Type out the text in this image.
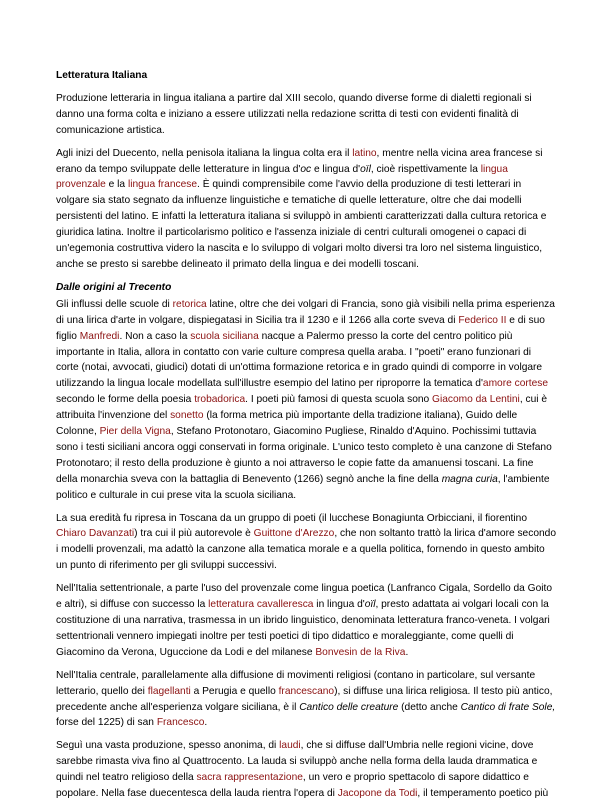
Letteratura Italiana

Produzione letteraria in lingua italiana a partire dal XIII secolo, quando diverse forme di dialetti regionali si danno una forma colta e iniziano a essere utilizzati nella redazione scritta di testi con evidenti finalità di comunicazione artistica.

Agli inizi del Duecento, nella penisola italiana la lingua colta era il latino, mentre nella vicina area francese si erano da tempo sviluppate delle letterature in lingua d'oc e lingua d'oïl, cioè rispettivamente la lingua provenzale e la lingua francese. È quindi comprensibile come l'avvio della produzione di testi letterari in volgare sia stato segnato da influenze linguistiche e tematiche di quelle letterature, oltre che dai modelli persistenti del latino. E infatti la letteratura italiana si sviluppò in ambienti caratterizzati dalla cultura retorica e giuridica latina. Inoltre il particolarismo politico e l'assenza iniziale di centri culturali omogenei o capaci di un'egemonia costruttiva videro la nascita e lo sviluppo di volgari molto diversi tra loro nel sistema linguistico, anche se presto si sarebbe delineato il primato della lingua e dei modelli toscani.

Dalle origini al Trecento

Gli influssi delle scuole di retorica latine, oltre che dei volgari di Francia, sono già visibili nella prima esperienza di una lirica d'arte in volgare, dispiegatasi in Sicilia tra il 1230 e il 1266 alla corte sveva di Federico II e di suo figlio Manfredi. Non a caso la scuola siciliana nacque a Palermo presso la corte del centro politico più importante in Italia, allora in contatto con varie culture compresa quella araba. I "poeti" erano funzionari di corte (notai, avvocati, giudici) dotati di un'ottima formazione retorica e in grado quindi di comporre in volgare utilizzando la lingua locale modellata sull'illustre esempio del latino per riproporre la tematica d'amore cortese secondo le forme della poesia trobadorica. I poeti più famosi di questa scuola sono Giacomo da Lentini, cui è attribuita l'invenzione del sonetto (la forma metrica più importante della tradizione italiana), Guido delle Colonne, Pier della Vigna, Stefano Protonotaro, Giacomino Pugliese, Rinaldo d'Aquino. Pochissimi tuttavia sono i testi siciliani ancora oggi conservati in forma originale. L'unico testo completo è una canzone di Stefano Protonotaro; il resto della produzione è giunto a noi attraverso le copie fatte da amanuensi toscani. La fine della monarchia sveva con la battaglia di Benevento (1266) segnò anche la fine della magna curia, l'ambiente politico e culturale in cui prese vita la scuola siciliana.

La sua eredità fu ripresa in Toscana da un gruppo di poeti (il lucchese Bonagiunta Orbicciani, il fiorentino Chiaro Davanzati) tra cui il più autorevole è Guittone d'Arezzo, che non soltanto trattò la lirica d'amore secondo i modelli provenzali, ma adattò la canzone alla tematica morale e a quella politica, fornendo in questo ambito un punto di riferimento per gli sviluppi successivi.

Nell'Italia settentrionale, a parte l'uso del provenzale come lingua poetica (Lanfranco Cigala, Sordello da Goito e altri), si diffuse con successo la letteratura cavalleresca in lingua d'oïl, presto adattata ai volgari locali con la costituzione di una narrativa, trasmessa in un ibrido linguistico, denominata letteratura franco-veneta. I volgari settentrionali vennero impiegati inoltre per testi poetici di tipo didattico e moraleggiante, come quelli di Giacomino da Verona, Uguccione da Lodi e del milanese Bonvesin de la Riva.

Nell'Italia centrale, parallelamente alla diffusione di movimenti religiosi (contano in particolare, sul versante letterario, quello dei flagellanti a Perugia e quello francescano), si diffuse una lirica religiosa. Il testo più antico, precedente anche all'esperienza volgare siciliana, è il Cantico delle creature (detto anche Cantico di frate Sole, forse del 1225) di san Francesco.

Seguì una vasta produzione, spesso anonima, di laudi, che si diffuse dall'Umbria nelle regioni vicine, dove sarebbe rimasta viva fino al Quattrocento. La lauda si sviluppò anche nella forma della lauda drammatica e quindi nel teatro religioso della sacra rappresentazione, un vero e proprio spettacolo di sapore didattico e popolare. Nella fase duecentesca della lauda rientra l'opera di Jacopone da Todi, il temperamento poetico più
